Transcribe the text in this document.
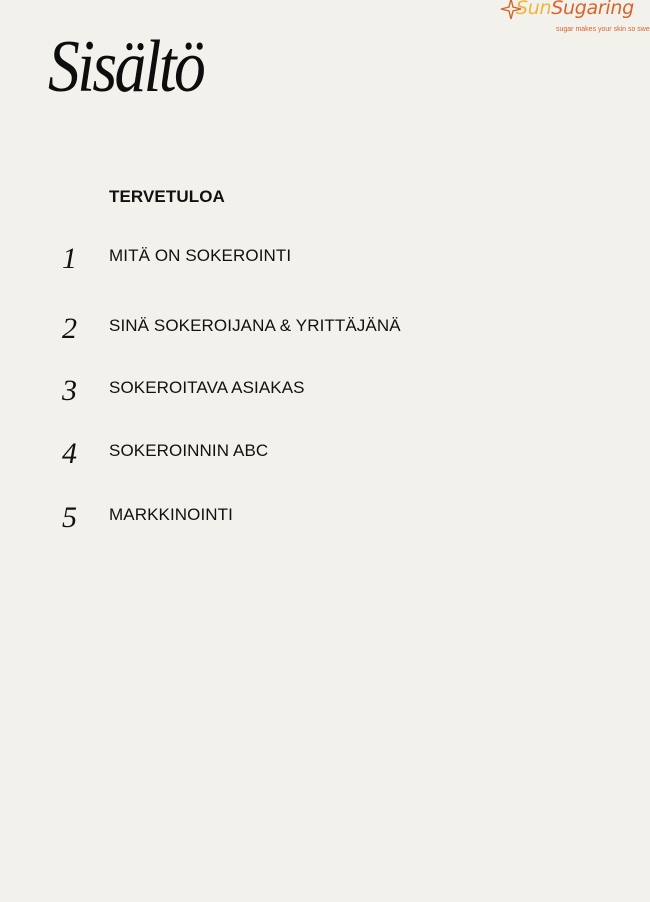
SunSugaring
sugar makes your skin so swe
Sisältö
TERVETULOA
1 MITÄ ON SOKEROINTI
2 SINÄ SOKEROIJANA & YRITTÄJÄNÄ
3 SOKEROITAVA ASIAKAS
4 SOKEROINNIN ABC
5 MARKKINOINTI
